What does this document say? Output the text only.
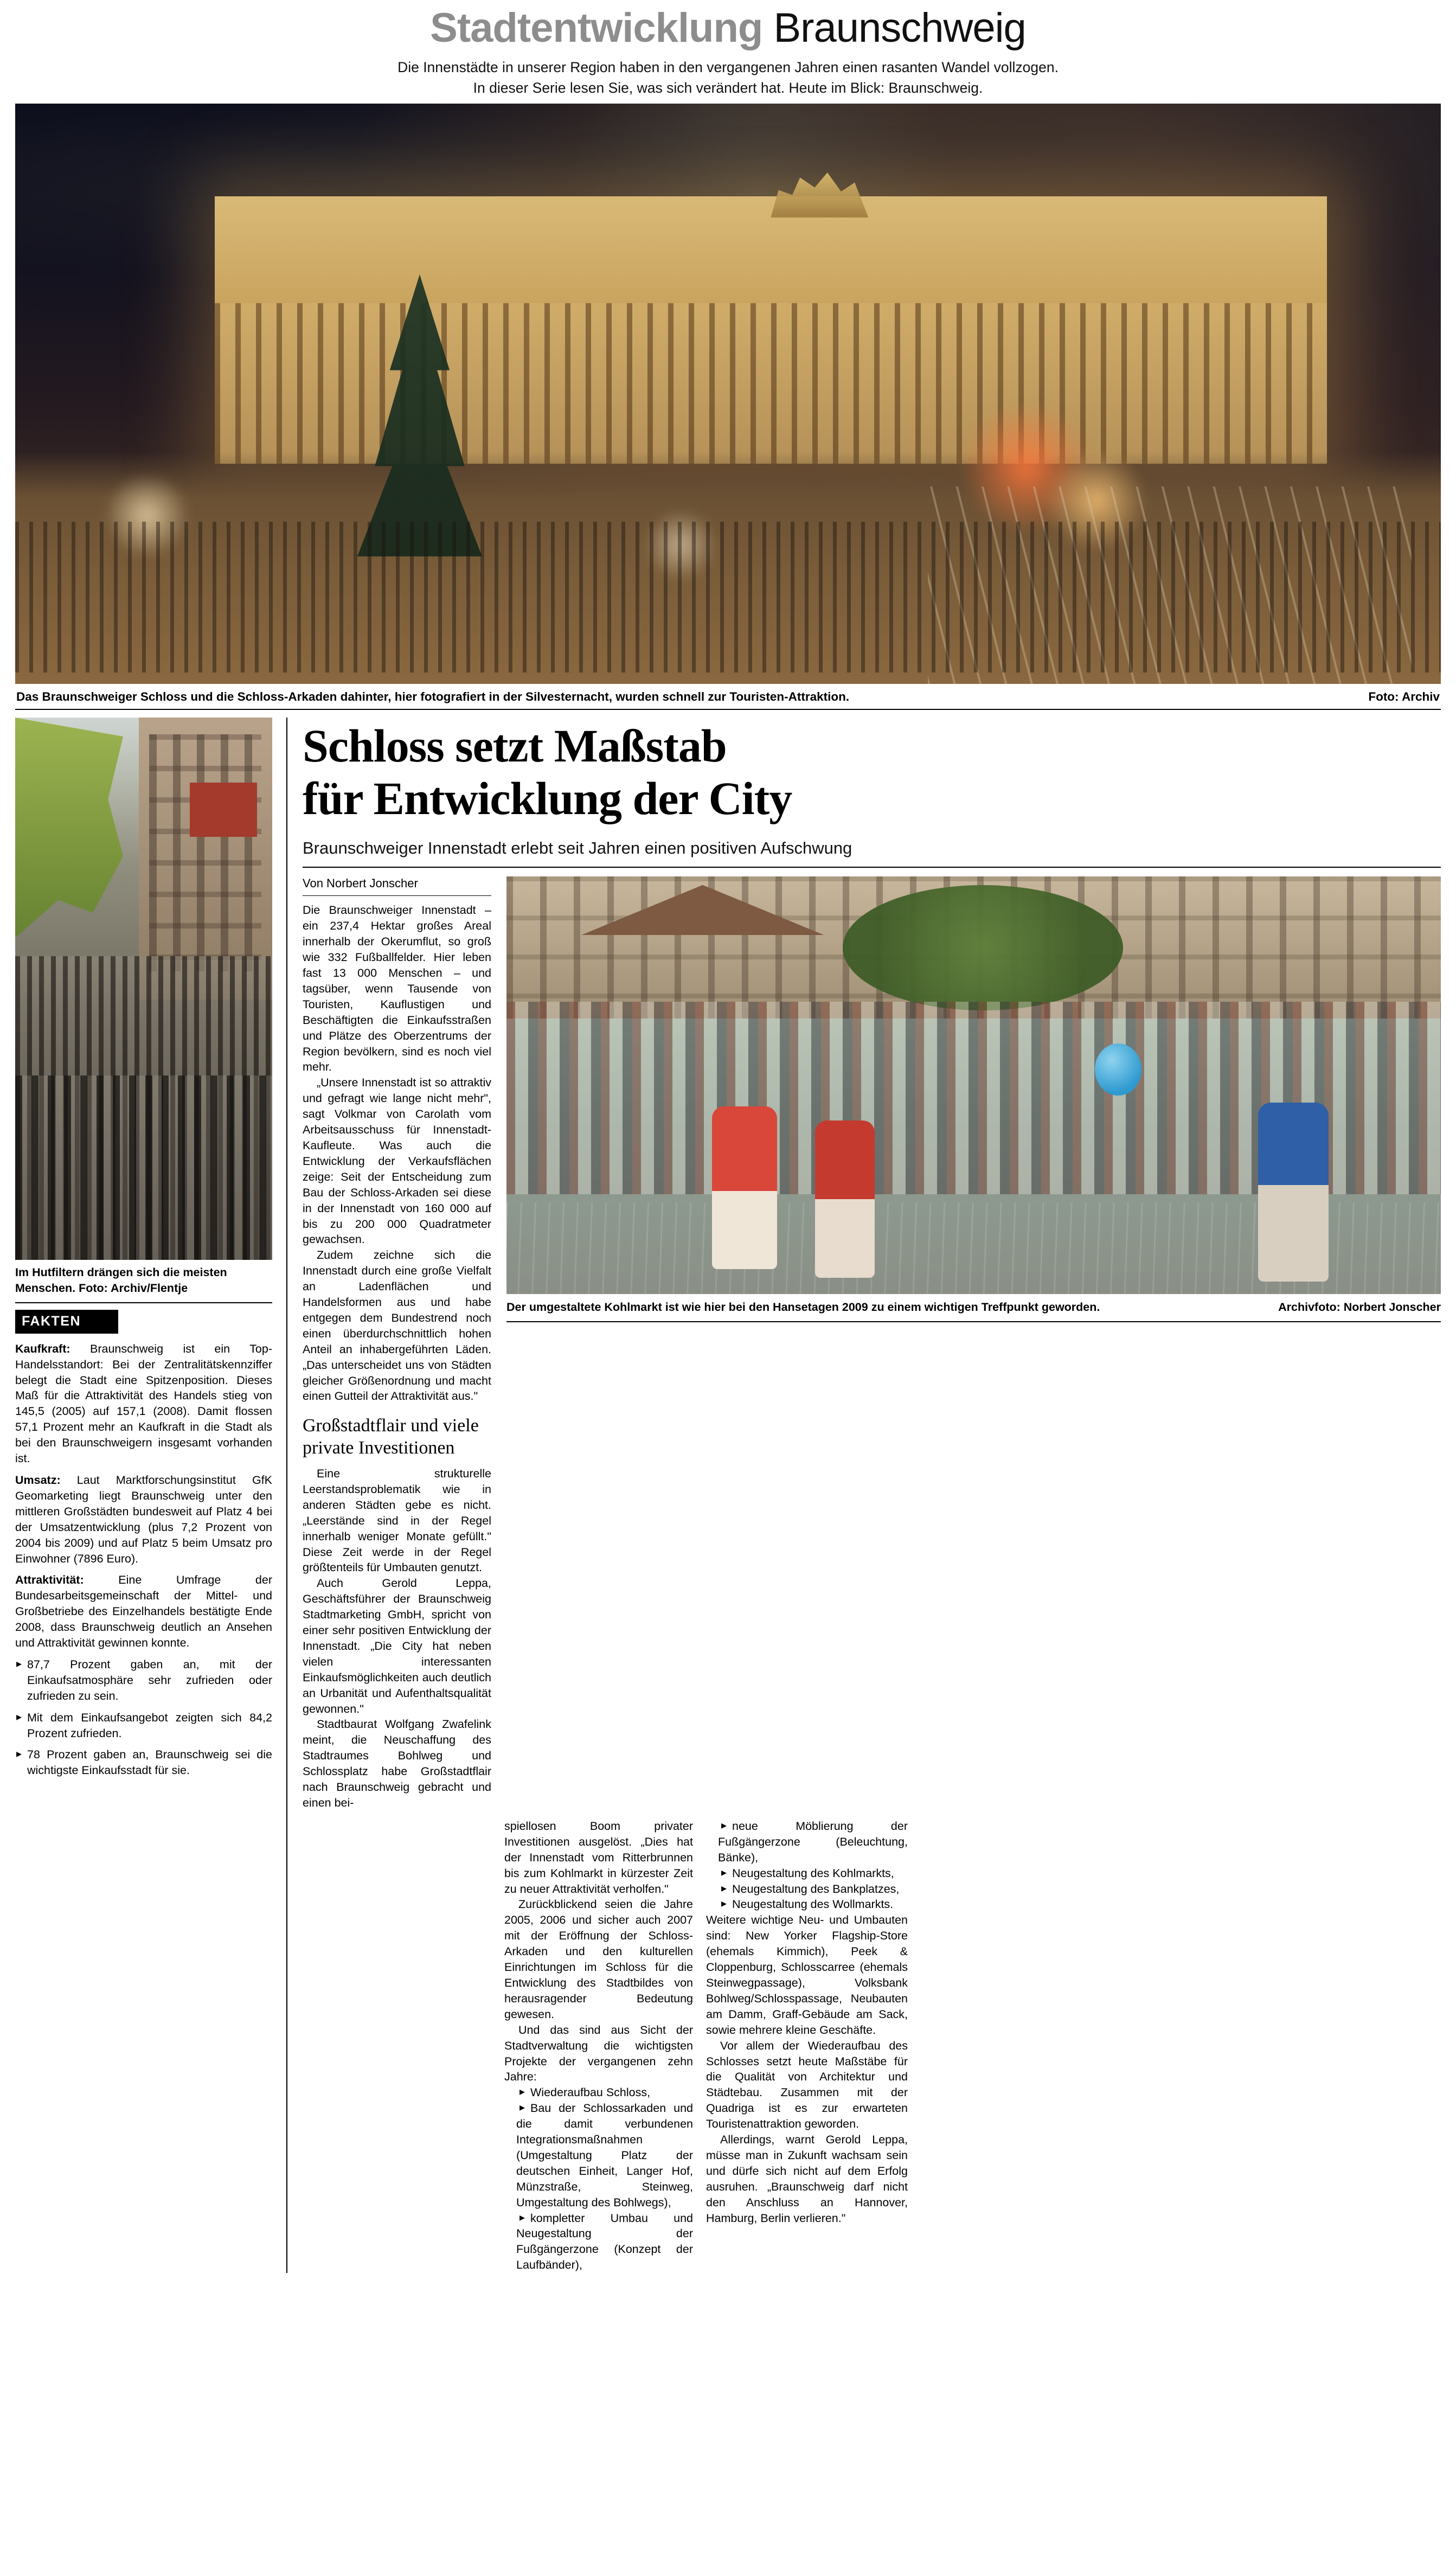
Stadtentwicklung Braunschweig
Die Innenstädte in unserer Region haben in den vergangenen Jahren einen rasanten Wandel vollzogen.
In dieser Serie lesen Sie, was sich verändert hat. Heute im Blick: Braunschweig.
Das Braunschweiger Schloss und die Schloss-Arkaden dahinter, hier fotografiert in der Silvesternacht, wurden schnell zur Touristen-Attraktion.	Foto: Archiv
Im Hutfiltern drängen sich die meisten Menschen. Foto: Archiv/Flentje
FAKTEN

Kaufkraft: Braunschweig ist ein Top-Handelsstandort: Bei der Zentralitätskennziffer belegt die Stadt eine Spitzenposition. Dieses Maß für die Attraktivität des Handels stieg von 145,5 (2005) auf 157,1 (2008). Damit flossen 57,1 Prozent mehr an Kaufkraft in die Stadt als bei den Braunschweigern insgesamt vorhanden ist.

Umsatz: Laut Marktforschungsinstitut GfK Geomarketing liegt Braunschweig unter den mittleren Großstädten bundesweit auf Platz 4 bei der Umsatzentwicklung (plus 7,2 Prozent von 2004 bis 2009) und auf Platz 5 beim Umsatz pro Einwohner (7896 Euro).

Attraktivität: Eine Umfrage der Bundesarbeitsgemeinschaft der Mittel- und Großbetriebe des Einzelhandels bestätigte Ende 2008, dass Braunschweig deutlich an Ansehen und Attraktivität gewinnen konnte.

▸ 87,7 Prozent gaben an, mit der Einkaufsatmosphäre sehr zufrieden oder zufrieden zu sein.

▸ Mit dem Einkaufsangebot zeigten sich 84,2 Prozent zufrieden.

▸ 78 Prozent gaben an, Braunschweig sei die wichtigste Einkaufsstadt für sie.

Schloss setzt Maßstab
für Entwicklung der City
Braunschweiger Innenstadt erlebt seit Jahren einen positiven Aufschwung
Von Norbert Jonscher

Die Braunschweiger Innenstadt – ein 237,4 Hektar großes Areal innerhalb der Okerumflut, so groß wie 332 Fußballfelder. Hier leben fast 13 000 Menschen – und tagsüber, wenn Tausende von Touristen, Kauflustigen und Beschäftigten die Einkaufsstraßen und Plätze des Oberzentrums der Region bevölkern, sind es noch viel mehr.

„Unsere Innenstadt ist so attraktiv und gefragt wie lange nicht mehr", sagt Volkmar von Carolath vom Arbeitsausschuss für Innenstadt-Kaufleute. Was auch die Entwicklung der Verkaufsflächen zeige: Seit der Entscheidung zum Bau der Schloss-Arkaden sei diese in der Innenstadt von 160 000 auf bis zu 200 000 Quadratmeter gewachsen.

Zudem zeichne sich die Innenstadt durch eine große Vielfalt an Ladenflächen und Handelsformen aus und habe entgegen dem Bundestrend noch einen überdurchschnittlich hohen Anteil an inhabergeführten Läden. „Das unterscheidet uns von Städten gleicher Größenordnung und macht einen Gutteil der Attraktivität aus."

Großstadtflair und viele private Investitionen

Eine strukturelle Leerstandsproblematik wie in anderen Städten gebe es nicht. „Leerstände sind in der Regel innerhalb weniger Monate gefüllt." Diese Zeit werde in der Regel größtenteils für Umbauten genutzt.

Auch Gerold Leppa, Geschäftsführer der Braunschweig Stadtmarketing GmbH, spricht von einer sehr positiven Entwicklung der Innenstadt. „Die City hat neben vielen interessanten Einkaufsmöglichkeiten auch deutlich an Urbanität und Aufenthaltsqualität gewonnen."

Stadtbaurat Wolfgang Zwafelink meint, die Neuschaffung des Stadtraumes Bohlweg und Schlossplatz habe Großstadtflair nach Braunschweig gebracht und einen bei-

Archivfoto: Norbert Jonscher
Der umgestaltete Kohlmarkt ist wie hier bei den Hansetagen 2009 zu einem wichtigen Treffpunkt geworden.

spiellosen Boom privater Investitionen ausgelöst. „Dies hat der Innenstadt vom Ritterbrunnen bis zum Kohlmarkt in kürzester Zeit zu neuer Attraktivität verholfen."

Zurückblickend seien die Jahre 2005, 2006 und sicher auch 2007 mit der Eröffnung der Schloss-Arkaden und den kulturellen Einrichtungen im Schloss für die Entwicklung des Stadtbildes von herausragender Bedeutung gewesen.

Und das sind aus Sicht der Stadtverwaltung die wichtigsten Projekte der vergangenen zehn Jahre:

▸ Wiederaufbau Schloss,

▸ Bau der Schlossarkaden und die damit verbundenen Integrationsmaßnahmen (Umgestaltung Platz der deutschen Einheit, Langer Hof, Münzstraße, Steinweg, Umgestaltung des Bohlwegs),

▸ kompletter Umbau und Neugestaltung der Fußgängerzone (Konzept der Laufbänder),

▸ neue Möblierung der Fußgängerzone (Beleuchtung, Bänke),

▸ Neugestaltung des Kohlmarkts,

▸ Neugestaltung des Bankplatzes,

▸ Neugestaltung des Wollmarkts.

Weitere wichtige Neu- und Umbauten sind: New Yorker Flagship-Store (ehemals Kimmich), Peek & Cloppenburg, Schlosscarree (ehemals Steinwegpassage), Volksbank Bohlweg/Schlosspassage, Neubauten am Damm, Graff-Gebäude am Sack, sowie mehrere kleine Geschäfte.

Vor allem der Wiederaufbau des Schlosses setzt heute Maßstäbe für die Qualität von Architektur und Städtebau. Zusammen mit der Quadriga ist es zur erwarteten Touristenattraktion geworden.

Allerdings, warnt Gerold Leppa, müsse man in Zukunft wachsam sein und dürfe sich nicht auf dem Erfolg ausruhen. „Braunschweig darf nicht den Anschluss an Hannover, Hamburg, Berlin verlieren."
